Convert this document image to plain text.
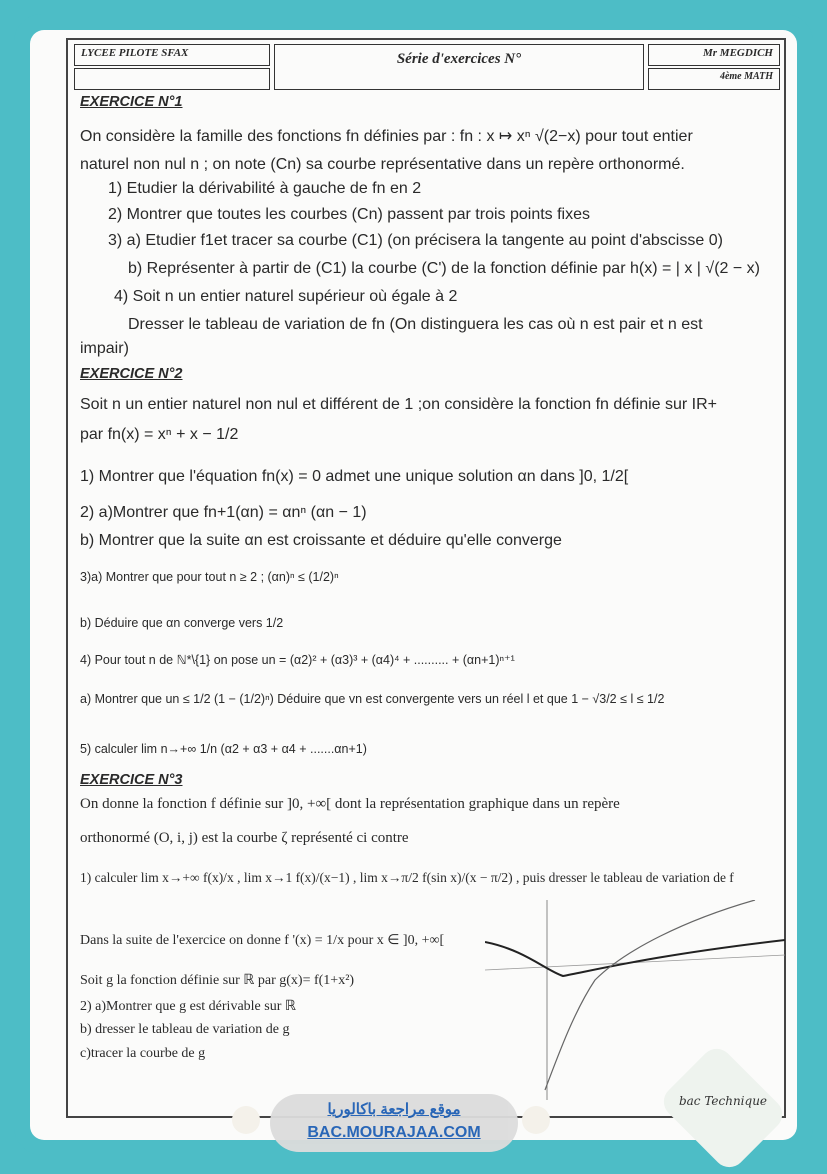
LYCEE PILOTE SFAX	Série d'exercices N°	Mr MEGDICH
4ème MATH
EXERCICE N°1
On considère la famille des fonctions fn définies par : fn : x ↦ xⁿ √(2−x) pour tout entier
naturel non nul n ; on note (Cn) sa courbe représentative dans un repère orthonormé.
1) Etudier la dérivabilité à gauche de fn en 2
2) Montrer que toutes les courbes (Cn) passent par trois points fixes
3) a) Etudier f1et tracer sa courbe (C1) (on précisera la tangente au point d'abscisse 0)
b) Représenter à partir de (C1) la courbe (C') de la fonction définie par h(x) = | x | √(2 − x)
4) Soit n un entier naturel supérieur où égale à 2
Dresser le tableau de variation de fn (On distinguera les cas où n est pair et n est
impair)
EXERCICE N°2
Soit n un entier naturel non nul et différent de 1 ;on considère la fonction fn définie sur IR+
par fn(x) = xⁿ + x − 1/2
1) Montrer que l'équation fn(x) = 0 admet une unique solution αn dans ]0, 1/2[
2) a)Montrer que fn+1(αn) = αnⁿ (αn − 1)
b) Montrer que la suite αn est croissante et déduire qu'elle converge
3)a) Montrer que pour tout n ≥ 2 ; (αn)ⁿ ≤ (1/2)ⁿ
b) Déduire que αn converge vers 1/2
4) Pour tout n de ℕ*\{1} on pose un = (α2)² + (α3)³ + (α4)⁴ + .......... + (αn+1)ⁿ⁺¹
a) Montrer que un ≤ 1/2 (1 − (1/2)ⁿ) Déduire que vn est convergente vers un réel l et que 1 − √3/2 ≤ l ≤ 1/2
5) calculer lim n→+∞ 1/n (α2 + α3 + α4 + .......αn+1)
EXERCICE N°3
On donne la fonction f définie sur ]0, +∞[ dont la représentation graphique dans un repère
orthonormé (O, i, j) est la courbe ζ représenté ci contre
1) calculer lim x→+∞ f(x)/x , lim x→1 f(x)/(x−1) , lim x→π/2 f(sin x)/(x − π/2) , puis dresser le tableau de variation de f
Dans la suite de l'exercice on donne f '(x) = 1/x pour x ∈ ]0, +∞[
Soit g la fonction définie sur ℝ par g(x)= f(1+x²)
2) a)Montrer que g est dérivable sur ℝ
b) dresser le tableau de variation de g
c)tracer la courbe de g
موقع مراجعة باكالوريا
BAC.MOURAJAA.COM
bac Technique
